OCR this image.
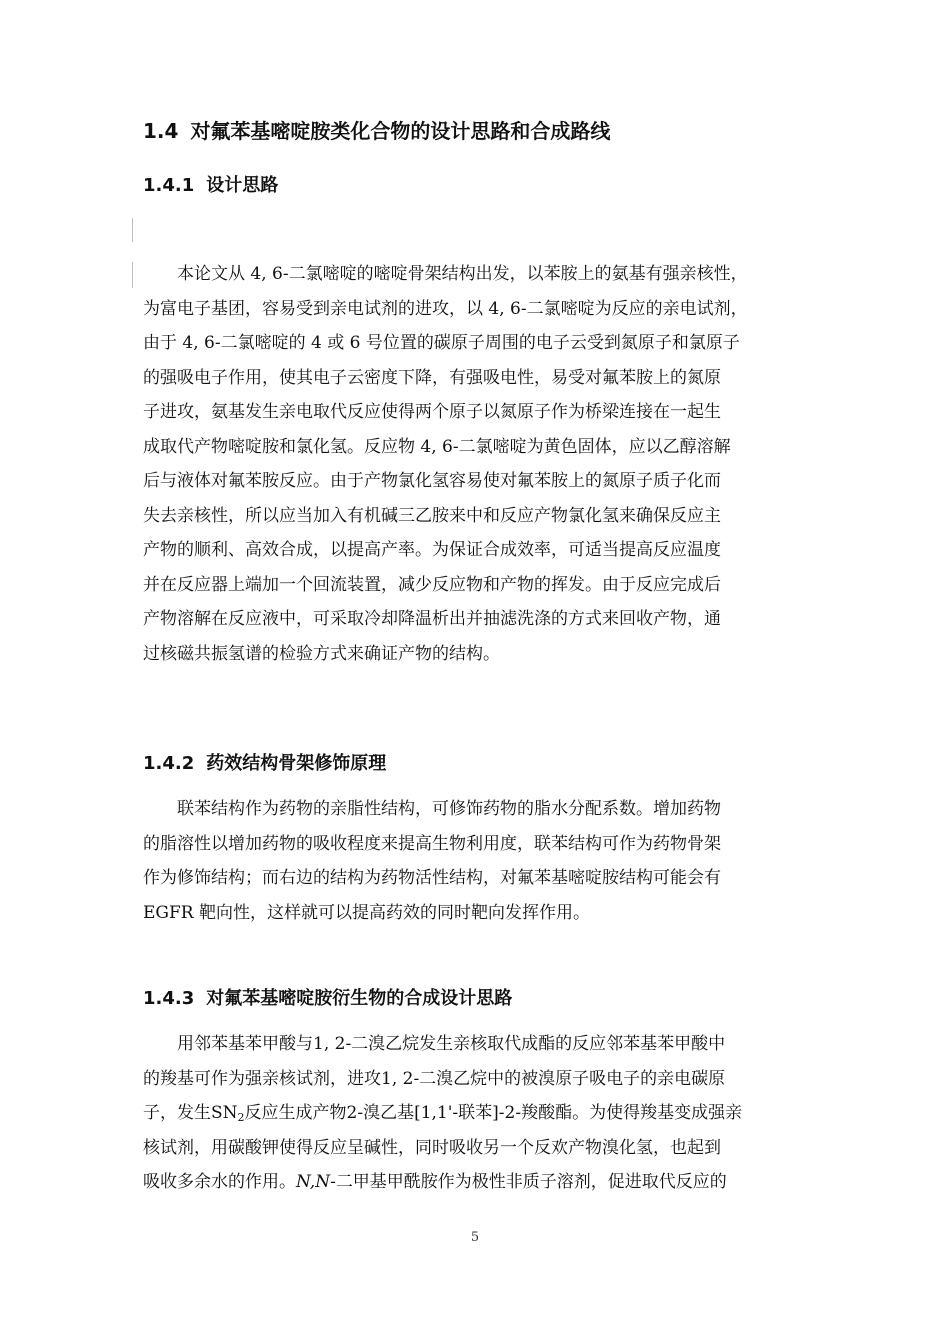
1.4 对氟苯基嘧啶胺类化合物的设计思路和合成路线
1.4.1 设计思路
本论文从 4, 6-二氯嘧啶的嘧啶骨架结构出发，以苯胺上的氨基有强亲核性，
为富电子基团，容易受到亲电试剂的进攻，以 4, 6-二氯嘧啶为反应的亲电试剂，
由于 4, 6-二氯嘧啶的 4 或 6 号位置的碳原子周围的电子云受到氮原子和氯原子
的强吸电子作用，使其电子云密度下降，有强吸电性，易受对氟苯胺上的氮原
子进攻，氨基发生亲电取代反应使得两个原子以氮原子作为桥梁连接在一起生
成取代产物嘧啶胺和氯化氢。反应物 4, 6-二氯嘧啶为黄色固体，应以乙醇溶解
后与液体对氟苯胺反应。由于产物氯化氢容易使对氟苯胺上的氮原子质子化而
失去亲核性，所以应当加入有机碱三乙胺来中和反应产物氯化氢来确保反应主
产物的顺利、高效合成，以提高产率。为保证合成效率，可适当提高反应温度
并在反应器上端加一个回流装置，减少反应物和产物的挥发。由于反应完成后
产物溶解在反应液中，可采取冷却降温析出并抽滤洗涤的方式来回收产物，通
过核磁共振氢谱的检验方式来确证产物的结构。
1.4.2 药效结构骨架修饰原理
联苯结构作为药物的亲脂性结构，可修饰药物的脂水分配系数。增加药物
的脂溶性以增加药物的吸收程度来提高生物利用度，联苯结构可作为药物骨架
作为修饰结构；而右边的结构为药物活性结构，对氟苯基嘧啶胺结构可能会有
EGFR 靶向性，这样就可以提高药效的同时靶向发挥作用。
1.4.3 对氟苯基嘧啶胺衍生物的合成设计思路
用邻苯基苯甲酸与1, 2-二溴乙烷发生亲核取代成酯的反应邻苯基苯甲酸中
的羧基可作为强亲核试剂，进攻1, 2-二溴乙烷中的被溴原子吸电子的亲电碳原
子，发生$SN_2$反应生成产物2-溴乙基[1,1'-联苯]-2-羧酸酯。为使得羧基变成强亲
核试剂，用碳酸钾使得反应呈碱性，同时吸收另一个反欢产物溴化氢，也起到
吸收多余水的作用。N,N-二甲基甲酰胺作为极性非质子溶剂，促进取代反应的
5
